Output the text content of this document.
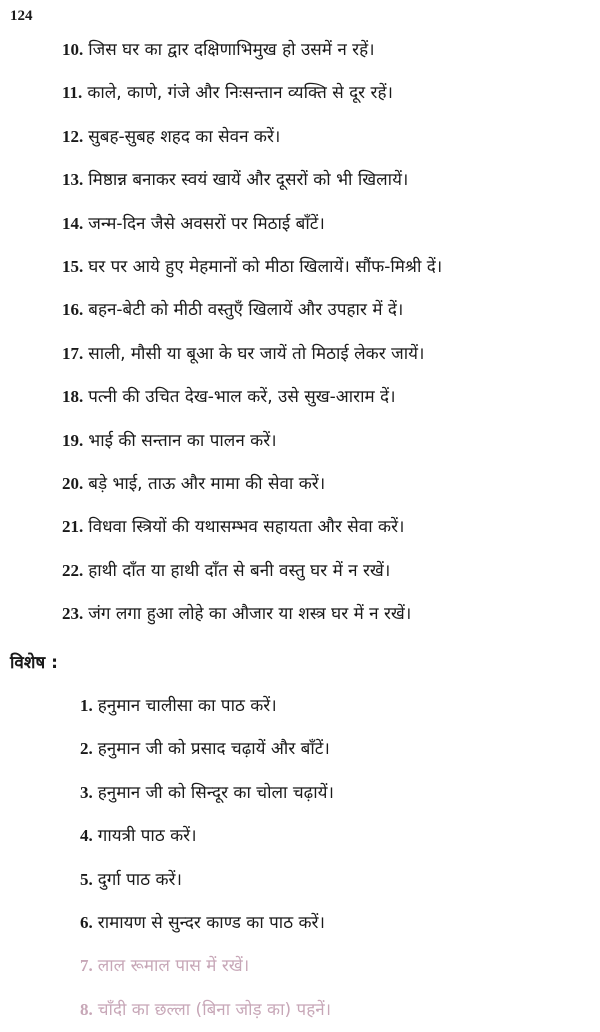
124
10. जिस घर का द्वार दक्षिणाभिमुख हो उसमें न रहें।
11. काले, काणे, गंजे और निःसन्तान व्यक्ति से दूर रहें।
12. सुबह-सुबह शहद का सेवन करें।
13. मिष्ठान्न बनाकर स्वयं खायें और दूसरों को भी खिलायें।
14. जन्म-दिन जैसे अवसरों पर मिठाई बाँटें।
15. घर पर आये हुए मेहमानों को मीठा खिलायें। सौंफ-मिश्री दें।
16. बहन-बेटी को मीठी वस्तुएँ खिलायें और उपहार में दें।
17. साली, मौसी या बूआ के घर जायें तो मिठाई लेकर जायें।
18. पत्नी की उचित देख-भाल करें, उसे सुख-आराम दें।
19. भाई की सन्तान का पालन करें।
20. बड़े भाई, ताऊ और मामा की सेवा करें।
21. विधवा स्त्रियों की यथासम्भव सहायता और सेवा करें।
22. हाथी दाँत या हाथी दाँत से बनी वस्तु घर में न रखें।
23. जंग लगा हुआ लोहे का औजार या शस्त्र घर में न रखें।
विशेष :
1. हनुमान चालीसा का पाठ करें।
2. हनुमान जी को प्रसाद चढ़ायें और बाँटें।
3. हनुमान जी को सिन्दूर का चोला चढ़ायें।
4. गायत्री पाठ करें।
5. दुर्गा पाठ करें।
6. रामायण से सुन्दर काण्ड का पाठ करें।
7. लाल रूमाल पास में रखें।
8. चाँदी का छल्ला (बिना जोड़ का) पहनें।
